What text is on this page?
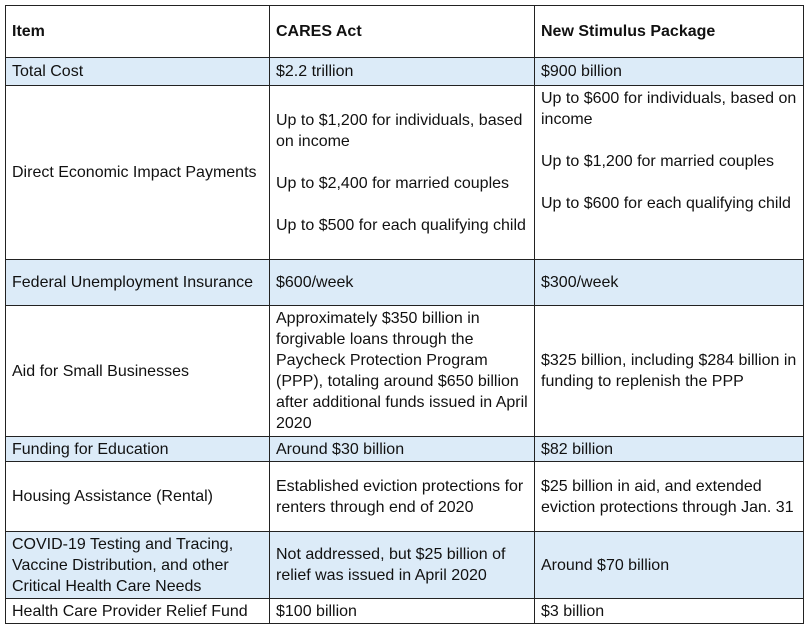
Item	CARES Act	New Stimulus Package
Total Cost	$2.2 trillion	$900 billion
Direct Economic Impact Payments	Up to $1,200 for individuals, based on income

Up to $2,400 for married couples

Up to $500 for each qualifying child	Up to $600 for individuals, based on income

Up to $1,200 for married couples

Up to $600 for each qualifying child
Federal Unemployment Insurance	$600/week	$300/week
Aid for Small Businesses	Approximately $350 billion in forgivable loans through the Paycheck Protection Program (PPP), totaling around $650 billion after additional funds issued in April 2020	$325 billion, including $284 billion in funding to replenish the PPP
Funding for Education	Around $30 billion	$82 billion
Housing Assistance (Rental)	Established eviction protections for renters through end of 2020	$25 billion in aid, and extended eviction protections through Jan. 31
COVID-19 Testing and Tracing, Vaccine Distribution, and other Critical Health Care Needs	Not addressed, but $25 billion of relief was issued in April 2020	Around $70 billion
Health Care Provider Relief Fund	$100 billion	$3 billion
